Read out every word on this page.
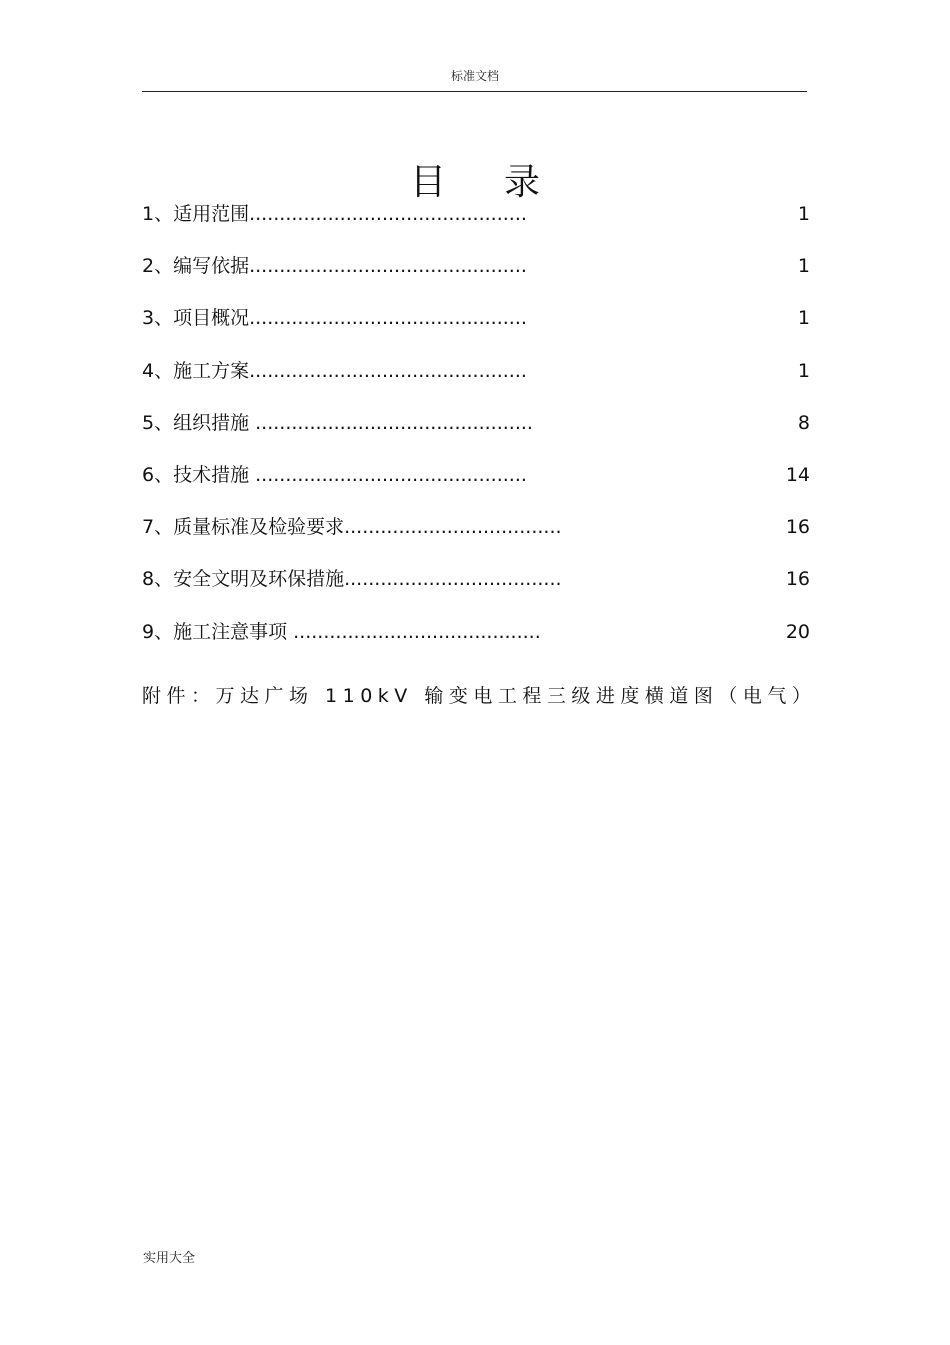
标准文档
目 录
1、适用范围..............................................	1
2、编写依据..............................................	1
3、项目概况..............................................	1
4、施工方案..............................................	1
5、组织措施 ..............................................	8
6、技术措施 .............................................	14
7、质量标准及检验要求....................................	16
8、安全文明及环保措施....................................	16
9、施工注意事项 .........................................	20
附件：万达广场 110kV 输变电工程三级进度横道图（电气）
实用大全
